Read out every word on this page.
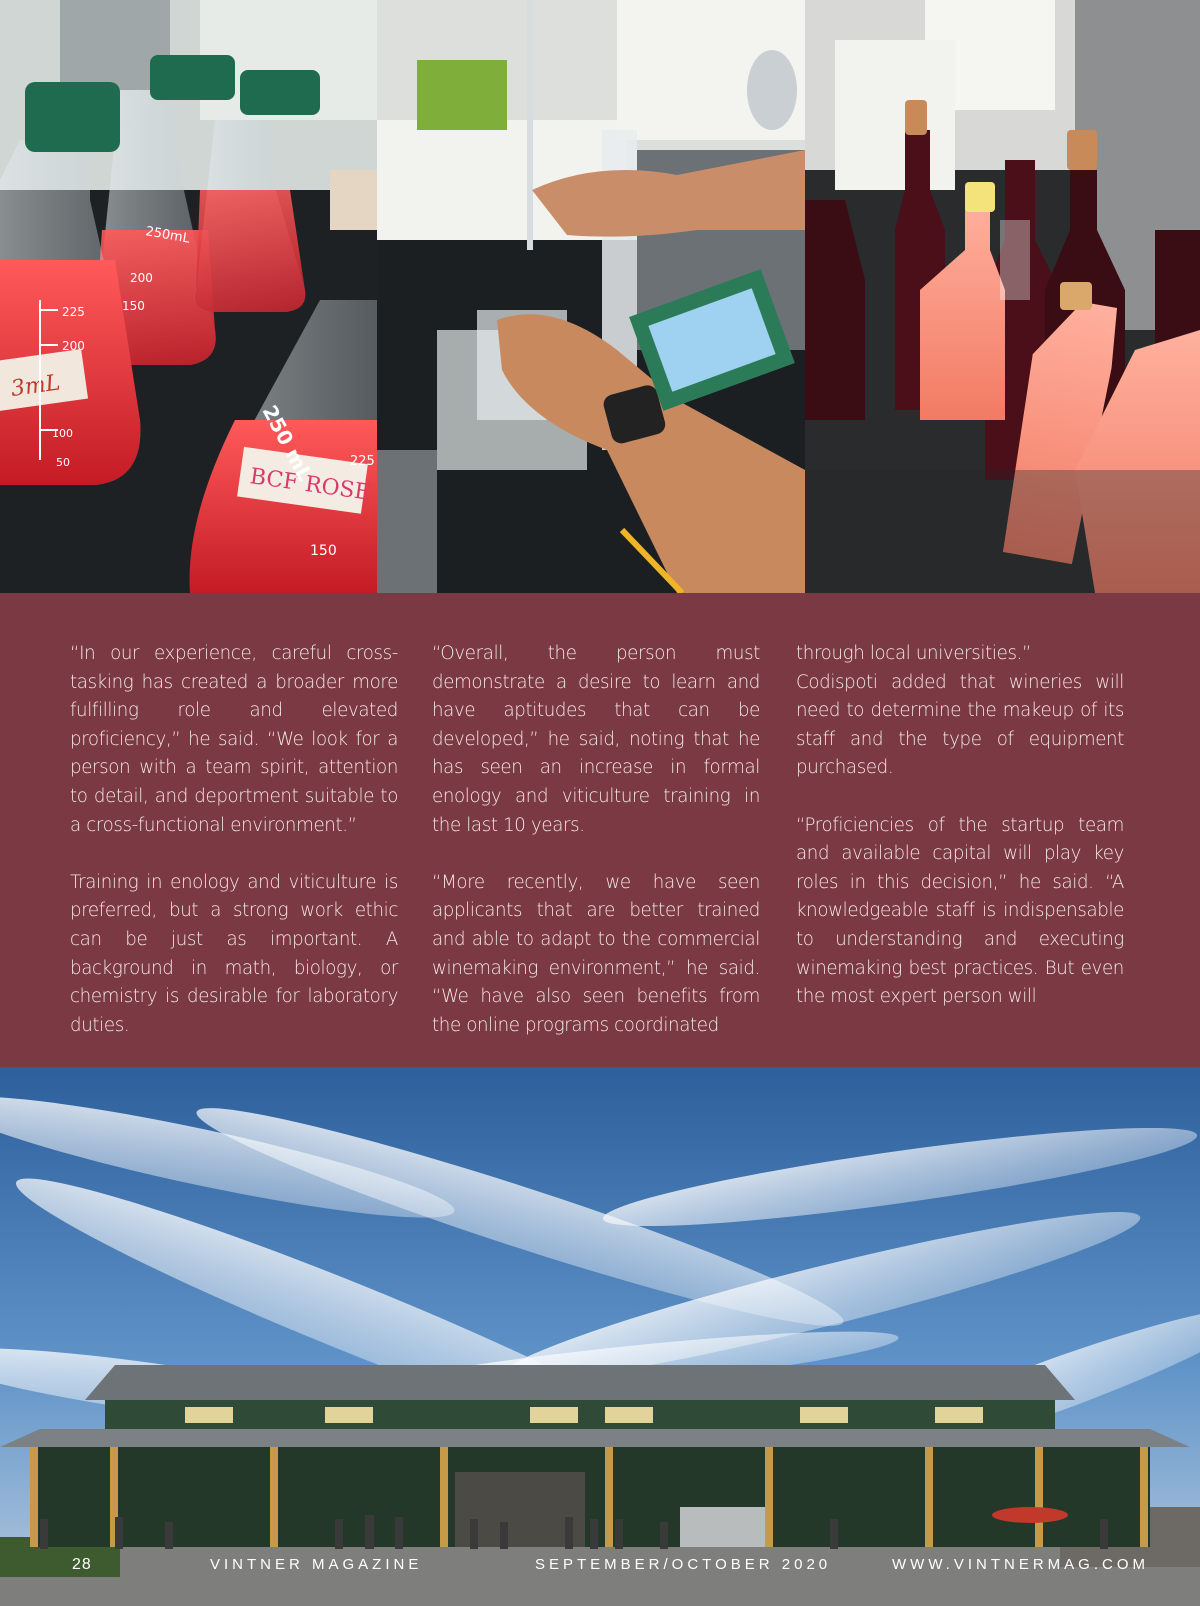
3mL
225
200
100
50
250mL
200
150
BCF ROSE
250 mL	225
150

“In our experience, careful cross-tasking has created a broader more fulfilling role and elevated proficiency,” he said. “We look for a person with a team spirit, attention to detail, and deportment suitable to a cross-functional environment.”

Training in enology and viticulture is preferred, but a strong work ethic can be just as important. A background in math, biology, or chemistry is desirable for laboratory duties.

“Overall, the person must demonstrate a desire to learn and have aptitudes that can be developed,” he said, noting that he has seen an increase in formal enology and viticulture training in the last 10 years.

“More recently, we have seen applicants that are better trained and able to adapt to the commercial winemaking environment,” he said. “We have also seen benefits from the online programs coordinated

through local universities.”

Codispoti added that wineries will need to determine the makeup of its staff and the type of equipment purchased.

“Proficiencies of the startup team and available capital will play key roles in this decision,” he said. “A knowledgeable staff is indispensable to understanding and executing winemaking best practices. But even the most expert person will

28	VINTNER MAGAZINE	SEPTEMBER/OCTOBER 2020	WWW.VINTNERMAG.COM
